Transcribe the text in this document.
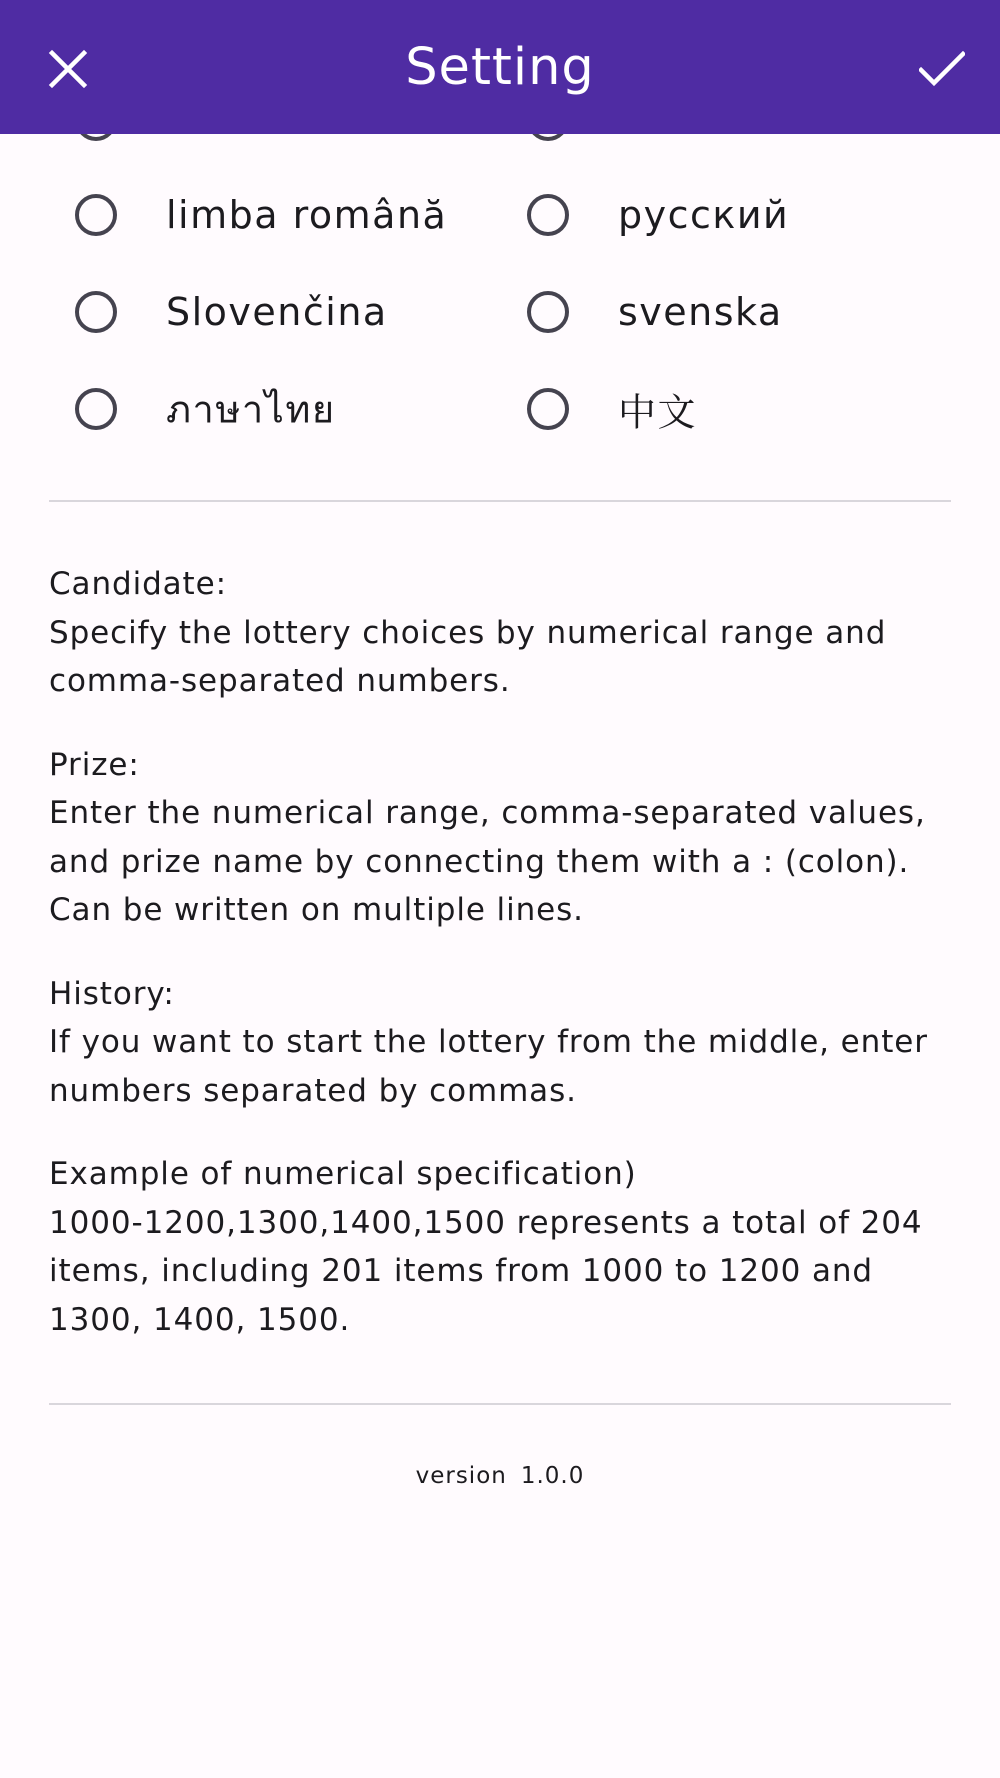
limba română	русский
Slovenčina	svenska
ภาษาไทย	中文

Candidate:

Specify the lottery choices by numerical range and

comma-separated numbers.

Prize:

Enter the numerical range, comma-separated values,

and prize name by connecting them with a : (colon).

Can be written on multiple lines.

History:

If you want to start the lottery from the middle, enter

numbers separated by commas.

Example of numerical specification)

1000-1200,1300,1400,1500 represents a total of 204

items, including 201 items from 1000 to 1200 and

1300, 1400, 1500.

version 1.0.0
Setting
